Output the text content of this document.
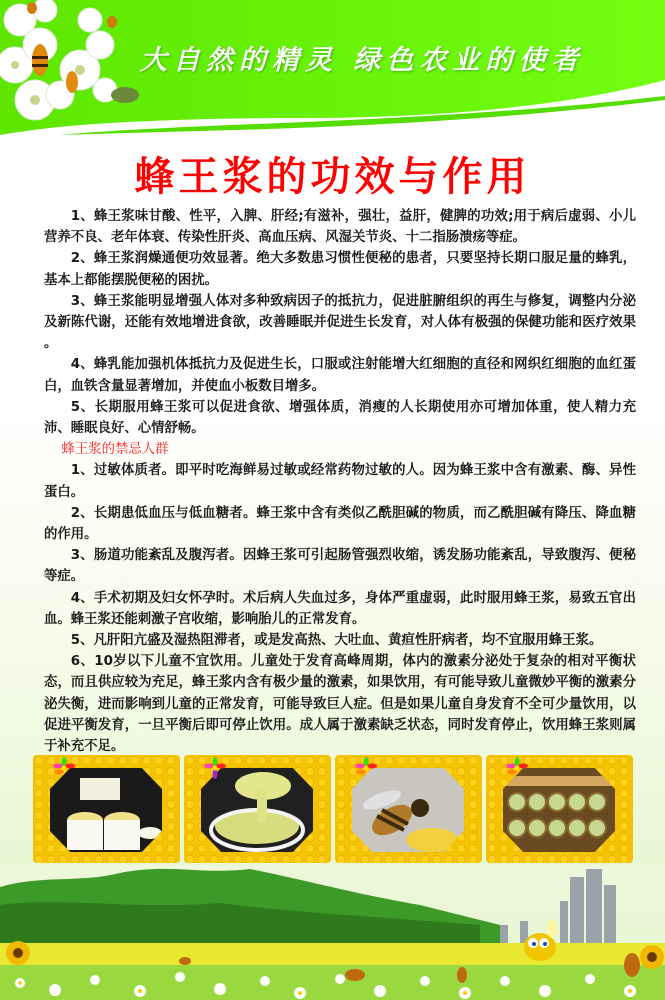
大自然的精灵 绿色农业的使者
蜂王浆的功效与作用

1、蜂王浆味甘酸、性平，入脾、肝经;有滋补，强壮，益肝，健脾的功效;用于病后虚弱、小儿营养不良、老年体衰、传染性肝炎、高血压病、风湿关节炎、十二指肠溃疡等症。

2、蜂王浆润燥通便功效显著。绝大多数患习惯性便秘的患者，只要坚持长期口服足量的蜂乳，基本上都能摆脱便秘的困扰。

3、蜂王浆能明显增强人体对多种致病因子的抵抗力，促进脏腑组织的再生与修复，调整内分泌及新陈代谢，还能有效地增进食欲，改善睡眠并促进生长发育，对人体有极强的保健功能和医疗效果 。

4、蜂乳能加强机体抵抗力及促进生长，口服或注射能增大红细胞的直径和网织红细胞的血红蛋白，血铁含量显著增加，并使血小板数目增多。

5、长期服用蜂王浆可以促进食欲、增强体质，消瘦的人长期使用亦可增加体重，使人精力充沛、睡眠良好、心情舒畅。

蜂王浆的禁忌人群

1、过敏体质者。即平时吃海鲜易过敏或经常药物过敏的人。因为蜂王浆中含有激素、酶、异性蛋白。

2、长期患低血压与低血糖者。蜂王浆中含有类似乙酰胆碱的物质，而乙酰胆碱有降压、降血糖的作用。

3、肠道功能紊乱及腹泻者。因蜂王浆可引起肠管强烈收缩，诱发肠功能紊乱，导致腹泻、便秘等症。

4、手术初期及妇女怀孕时。术后病人失血过多，身体严重虚弱，此时服用蜂王浆，易致五官出血。蜂王浆还能刺激子宫收缩，影响胎儿的正常发育。

5、凡肝阳亢盛及湿热阻滞者，或是发高热、大吐血、黄疸性肝病者，均不宜服用蜂王浆。

6、10岁以下儿童不宜饮用。儿童处于发育高峰周期，体内的激素分泌处于复杂的相对平衡状态，而且供应较为充足，蜂王浆内含有极少量的激素，如果饮用，有可能导致儿童微妙平衡的激素分泌失衡，进而影响到儿童的正常发育，可能导致巨人症。但是如果儿童自身发育不全可少量饮用，以促进平衡发育，一旦平衡后即可停止饮用。成人属于激素缺乏状态，同时发育停止，饮用蜂王浆则属于补充不足。
